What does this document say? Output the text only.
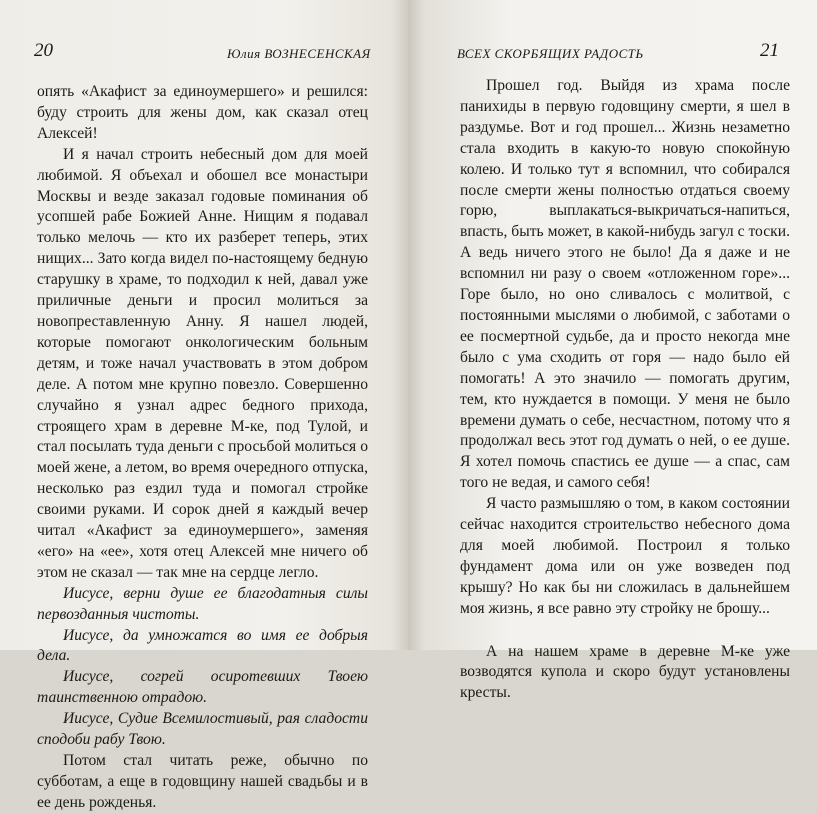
20	Юлия ВОЗНЕСЕНСКАЯ

опять «Акафист за единоумершего» и решился: буду строить для жены дом, как сказал отец Алексей!

И я начал строить небесный дом для моей любимой. Я объехал и обошел все монастыри Москвы и везде заказал годовые поминания об усопшей рабе Божией Анне. Нищим я подавал только мелочь — кто их разберет теперь, этих нищих... Зато когда видел по-настоящему бедную старушку в храме, то подходил к ней, давал уже приличные деньги и просил молиться за новопреставленную Анну. Я нашел людей, которые помогают онкологическим больным детям, и тоже начал участвовать в этом добром деле. А потом мне крупно повезло. Совершенно случайно я узнал адрес бедного прихода, строящего храм в деревне М-ке, под Тулой, и стал посылать туда деньги с просьбой молиться о моей жене, а летом, во время очередного отпуска, несколько раз ездил туда и помогал стройке своими руками. И сорок дней я каждый вечер читал «Акафист за единоумершего», заменяя «его» на «ее», хотя отец Алексей мне ничего об этом не сказал — так мне на сердце легло.

Иисусе, верни душе ее благодатныя силы первозданныя чистоты.

Иисусе, да умножатся во имя ее добрыя дела.

Иисусе, согрей осиротевших Твоею таинственною отрадою.

Иисусе, Судие Всемилостивый, рая сладости сподоби рабу Твою.

Потом стал читать реже, обычно по субботам, а еще в годовщину нашей свадьбы и в ее день рожденья.

ВСЕХ СКОРБЯЩИХ РАДОСТЬ	21

Прошел год. Выйдя из храма после панихиды в первую годовщину смерти, я шел в раздумье. Вот и год прошел... Жизнь незаметно стала входить в какую-то новую спокойную колею. И только тут я вспомнил, что собирался после смерти жены полностью отдаться своему горю, выплакаться-выкричаться-напиться, впасть, быть может, в какой-нибудь загул с тоски. А ведь ничего этого не было! Да я даже и не вспомнил ни разу о своем «отложенном горе»... Горе было, но оно сливалось с молитвой, с постоянными мыслями о любимой, с заботами о ее посмертной судьбе, да и просто некогда мне было с ума сходить от горя — надо было ей помогать! А это значило — помогать другим, тем, кто нуждается в помощи. У меня не было времени думать о себе, несчастном, потому что я продолжал весь этот год думать о ней, о ее душе. Я хотел помочь спастись ее душе — а спас, сам того не ведая, и самого себя!

Я часто размышляю о том, в каком состоянии сейчас находится строительство небесного дома для моей любимой. Построил я только фундамент дома или он уже возведен под крышу? Но как бы ни сложилась в дальнейшем моя жизнь, я все равно эту стройку не брошу...

А на нашем храме в деревне М-ке уже возводятся купола и скоро будут установлены кресты.
